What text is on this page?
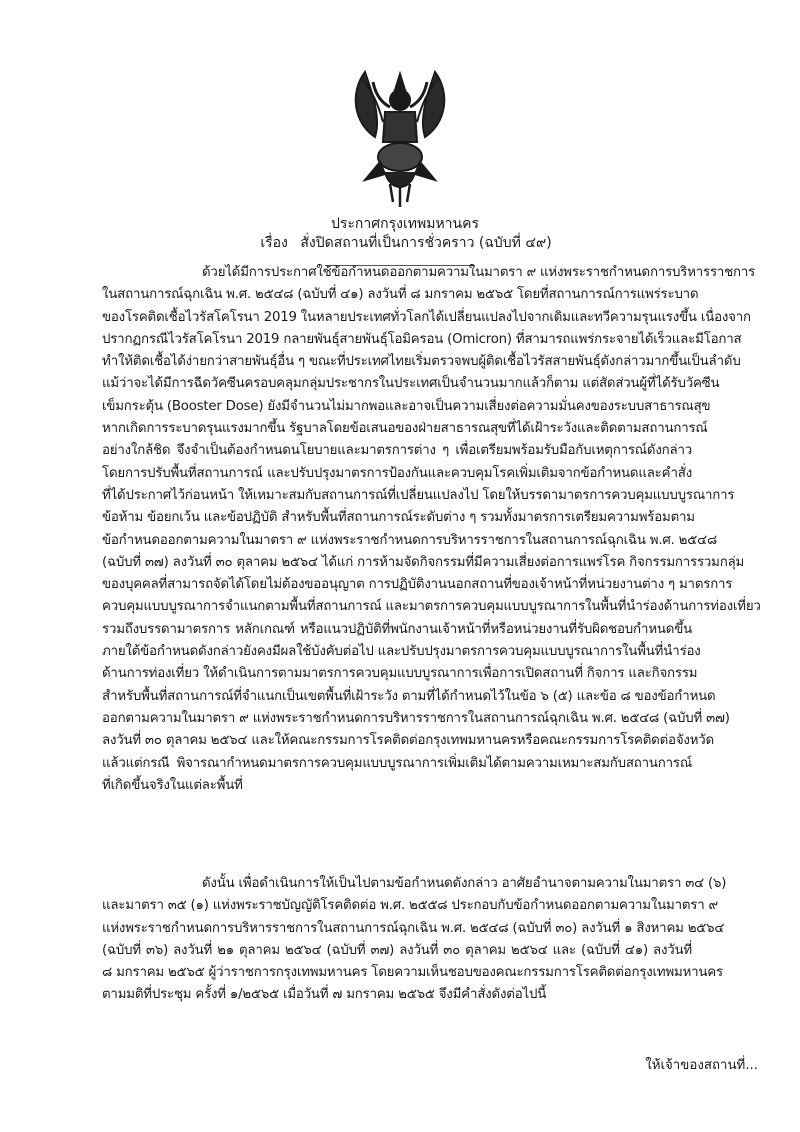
ประกาศกรุงเทพมหานคร
เรื่อง สั่งปิดสถานที่เป็นการชั่วคราว (ฉบับที่ ๔๙)
ด้วยได้มีการประกาศใช้ข้อกำหนดออกตามความในมาตรา ๙ แห่งพระราชกำหนดการบริหารราชการ
ในสถานการณ์ฉุกเฉิน พ.ศ. ๒๕๔๘ (ฉบับที่ ๔๑) ลงวันที่ ๘ มกราคม ๒๕๖๕ โดยที่สถานการณ์การแพร่ระบาด
ของโรคติดเชื้อไวรัสโคโรนา 2019 ในหลายประเทศทั่วโลกได้เปลี่ยนแปลงไปจากเดิมและทวีความรุนแรงขึ้น เนื่องจาก
ปรากฏกรณีไวรัสโคโรนา 2019 กลายพันธุ์สายพันธุ์โอมิครอน (Omicron) ที่สามารถแพร่กระจายได้เร็วและมีโอกาส
ทำให้ติดเชื้อได้ง่ายกว่าสายพันธุ์อื่น ๆ ขณะที่ประเทศไทยเริ่มตรวจพบผู้ติดเชื้อไวรัสสายพันธุ์ดังกล่าวมากขึ้นเป็นลำดับ
แม้ว่าจะได้มีการฉีดวัคซีนครอบคลุมกลุ่มประชากรในประเทศเป็นจำนวนมากแล้วก็ตาม แต่สัดส่วนผู้ที่ได้รับวัคซีน
เข็มกระตุ้น (Booster Dose) ยังมีจำนวนไม่มากพอและอาจเป็นความเสี่ยงต่อความมั่นคงของระบบสาธารณสุข
หากเกิดการระบาดรุนแรงมากขึ้น รัฐบาลโดยข้อเสนอของฝ่ายสาธารณสุขที่ได้เฝ้าระวังและติดตามสถานการณ์
อย่างใกล้ชิด จึงจำเป็นต้องกำหนดนโยบายและมาตรการต่าง ๆ เพื่อเตรียมพร้อมรับมือกับเหตุการณ์ดังกล่าว
โดยการปรับพื้นที่สถานการณ์ และปรับปรุงมาตรการป้องกันและควบคุมโรคเพิ่มเติมจากข้อกำหนดและคำสั่ง
ที่ได้ประกาศไว้ก่อนหน้า ให้เหมาะสมกับสถานการณ์ที่เปลี่ยนแปลงไป โดยให้บรรดามาตรการควบคุมแบบบูรณาการ
ข้อห้าม ข้อยกเว้น และข้อปฏิบัติ สำหรับพื้นที่สถานการณ์ระดับต่าง ๆ รวมทั้งมาตรการเตรียมความพร้อมตาม
ข้อกำหนดออกตามความในมาตรา ๙ แห่งพระราชกำหนดการบริหารราชการในสถานการณ์ฉุกเฉิน พ.ศ. ๒๕๔๘
(ฉบับที่ ๓๗) ลงวันที่ ๓๐ ตุลาคม ๒๕๖๔ ได้แก่ การห้ามจัดกิจกรรมที่มีความเสี่ยงต่อการแพร่โรค กิจกรรมการรวมกลุ่ม
ของบุคคลที่สามารถจัดได้โดยไม่ต้องขออนุญาต การปฏิบัติงานนอกสถานที่ของเจ้าหน้าที่หน่วยงานต่าง ๆ มาตรการ
ควบคุมแบบบูรณาการจำแนกตามพื้นที่สถานการณ์ และมาตรการควบคุมแบบบูรณาการในพื้นที่นำร่องด้านการท่องเที่ยว
รวมถึงบรรดามาตรการ หลักเกณฑ์ หรือแนวปฏิบัติที่พนักงานเจ้าหน้าที่หรือหน่วยงานที่รับผิดชอบกำหนดขึ้น
ภายใต้ข้อกำหนดดังกล่าวยังคงมีผลใช้บังคับต่อไป และปรับปรุงมาตรการควบคุมแบบบูรณาการในพื้นที่นำร่อง
ด้านการท่องเที่ยว ให้ดำเนินการตามมาตรการควบคุมแบบบูรณาการเพื่อการเปิดสถานที่ กิจการ และกิจกรรม
สำหรับพื้นที่สถานการณ์ที่จำแนกเป็นเขตพื้นที่เฝ้าระวัง ตามที่ได้กำหนดไว้ในข้อ ๖ (๕) และข้อ ๘ ของข้อกำหนด
ออกตามความในมาตรา ๙ แห่งพระราชกำหนดการบริหารราชการในสถานการณ์ฉุกเฉิน พ.ศ. ๒๕๔๘ (ฉบับที่ ๓๗)
ลงวันที่ ๓๐ ตุลาคม ๒๕๖๔ และให้คณะกรรมการโรคติดต่อกรุงเทพมหานครหรือคณะกรรมการโรคติดต่อจังหวัด
แล้วแต่กรณี พิจารณากำหนดมาตรการควบคุมแบบบูรณาการเพิ่มเติมได้ตามความเหมาะสมกับสถานการณ์
ที่เกิดขึ้นจริงในแต่ละพื้นที่
ดังนั้น เพื่อดำเนินการให้เป็นไปตามข้อกำหนดดังกล่าว อาศัยอำนาจตามความในมาตรา ๓๔ (๖)
และมาตรา ๓๕ (๑) แห่งพระราชบัญญัติโรคติดต่อ พ.ศ. ๒๕๕๘ ประกอบกับข้อกำหนดออกตามความในมาตรา ๙
แห่งพระราชกำหนดการบริหารราชการในสถานการณ์ฉุกเฉิน พ.ศ. ๒๕๔๘ (ฉบับที่ ๓๐) ลงวันที่ ๑ สิงหาคม ๒๕๖๔
(ฉบับที่ ๓๖) ลงวันที่ ๒๑ ตุลาคม ๒๕๖๔ (ฉบับที่ ๓๗) ลงวันที่ ๓๐ ตุลาคม ๒๕๖๔ และ (ฉบับที่ ๔๑) ลงวันที่
๘ มกราคม ๒๕๖๕ ผู้ว่าราชการกรุงเทพมหานคร โดยความเห็นชอบของคณะกรรมการโรคติดต่อกรุงเทพมหานคร
ตามมติที่ประชุม ครั้งที่ ๑/๒๕๖๕ เมื่อวันที่ ๗ มกราคม ๒๕๖๕ จึงมีคำสั่งดังต่อไปนี้
ให้เจ้าของสถานที่...
